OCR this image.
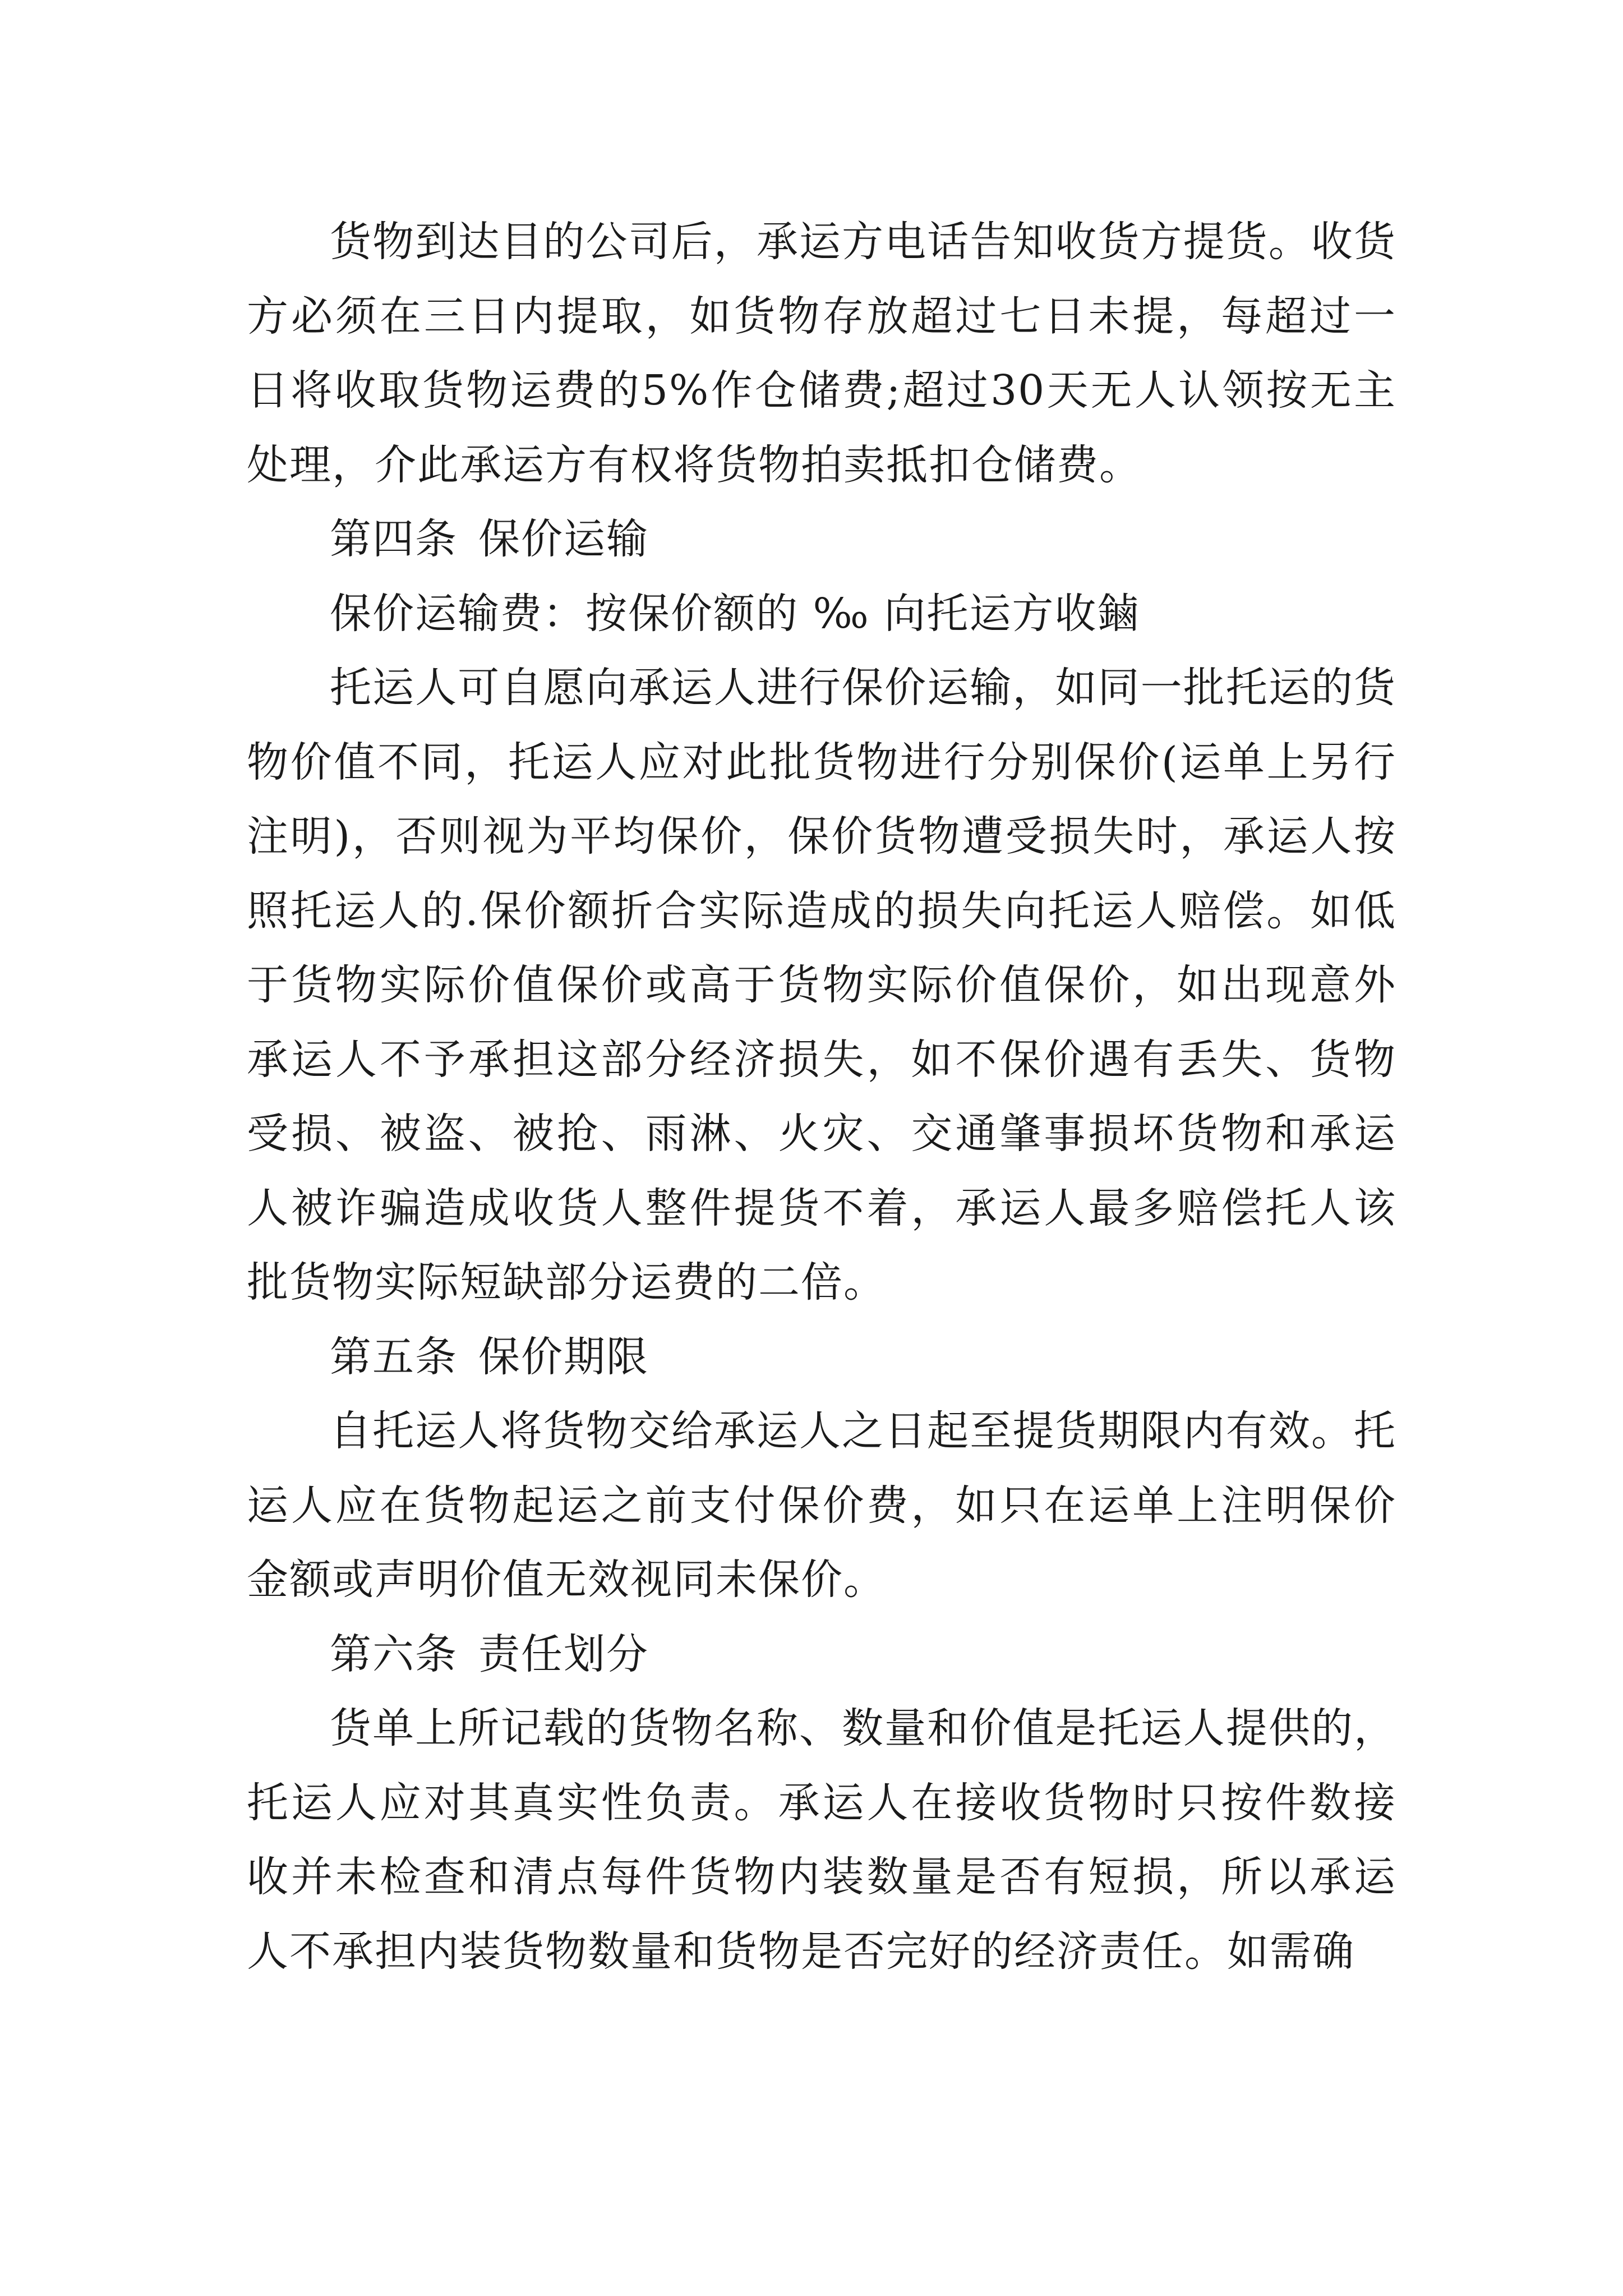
货物到达目的公司后，承运方电话告知收货方提货。收货方必须在三日内提取，如货物存放超过七日未提，每超过一日将收取货物运费的5%作仓储费;超过30天无人认领按无主处理，介此承运方有权将货物拍卖抵扣仓储费。

第四条 保价运输

保价运输费：按保价额的 ‰ 向托运方收鏀

托运人可自愿向承运人进行保价运输，如同一批托运的货物价值不同，托运人应对此批货物进行分别保价(运单上另行注明)，否则视为平均保价，保价货物遭受损失时，承运人按照托运人的.保价额折合实际造成的损失向托运人赔偿。如低于货物实际价值保价或高于货物实际价值保价，如出现意外承运人不予承担这部分经济损失，如不保价遇有丢失、货物受损、被盗、被抢、雨淋、火灾、交通肇事损坏货物和承运人被诈骗造成收货人整件提货不着，承运人最多赔偿托人该批货物实际短缺部分运费的二倍。

第五条 保价期限

自托运人将货物交给承运人之日起至提货期限内有效。托运人应在货物起运之前支付保价费，如只在运单上注明保价金额或声明价值无效视同未保价。

第六条 责任划分

货单上所记载的货物名称、数量和价值是托运人提供的，托运人应对其真实性负责。承运人在接收货物时只按件数接收并未检查和清点每件货物内装数量是否有短损，所以承运人不承担内装货物数量和货物是否完好的经济责任。如需确
